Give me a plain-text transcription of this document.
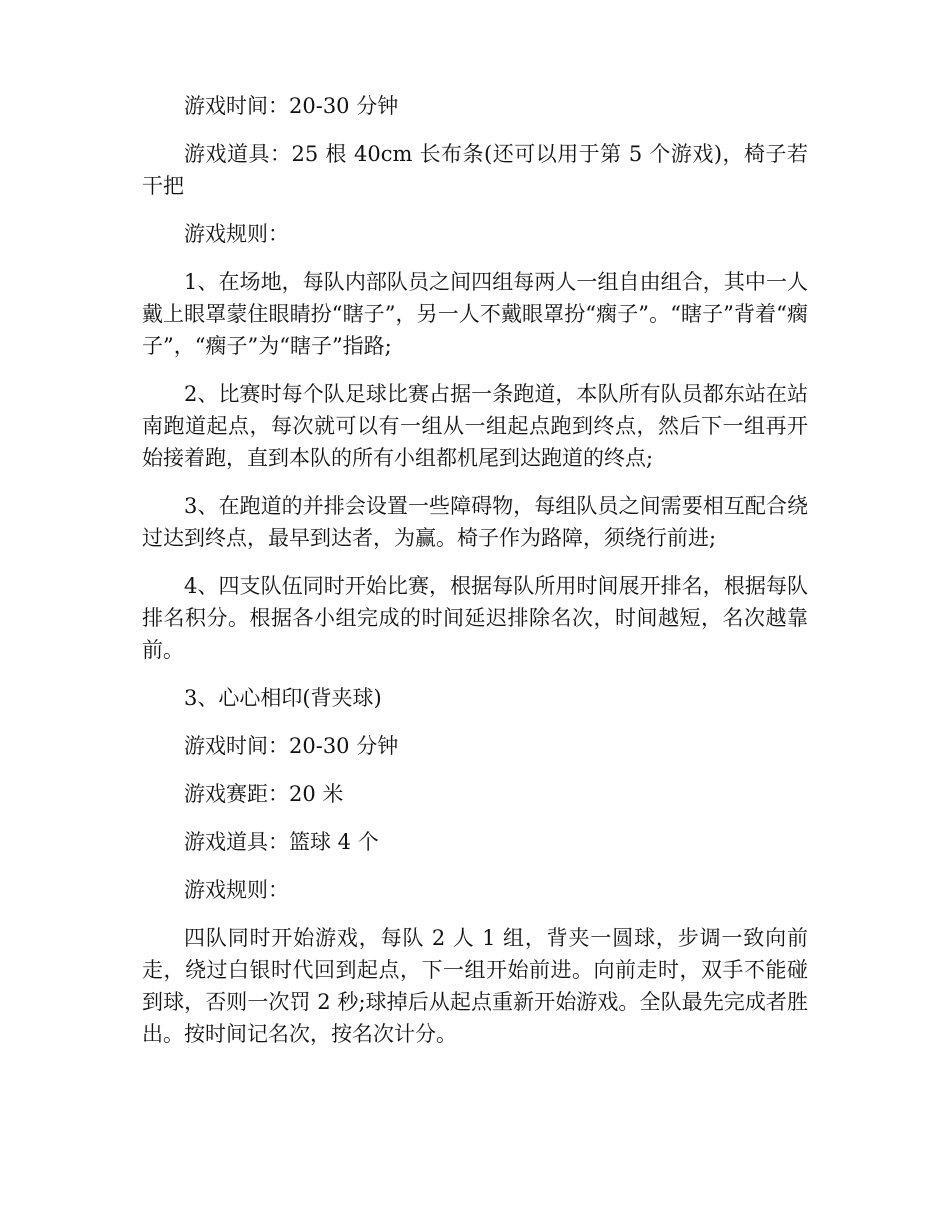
游戏时间：20-30 分钟

游戏道具：25 根 40cm 长布条(还可以用于第 5 个游戏)，椅子若干把

游戏规则：

1、在场地，每队内部队员之间四组每两人一组自由组合，其中一人戴上眼罩蒙住眼睛扮“瞎子”，另一人不戴眼罩扮“瘸子”。“瞎子”背着“瘸子”，“瘸子”为“瞎子”指路;

2、比赛时每个队足球比赛占据一条跑道，本队所有队员都东站在站南跑道起点，每次就可以有一组从一组起点跑到终点，然后下一组再开始接着跑，直到本队的所有小组都机尾到达跑道的终点;

3、在跑道的并排会设置一些障碍物，每组队员之间需要相互配合绕过达到终点，最早到达者，为赢。椅子作为路障，须绕行前进;

4、四支队伍同时开始比赛，根据每队所用时间展开排名，根据每队排名积分。根据各小组完成的时间延迟排除名次，时间越短，名次越靠前。

3、心心相印(背夹球)

游戏时间：20-30 分钟

游戏赛距：20 米

游戏道具：篮球 4 个

游戏规则：

四队同时开始游戏，每队 2 人 1 组，背夹一圆球，步调一致向前走，绕过白银时代回到起点，下一组开始前进。向前走时，双手不能碰到球，否则一次罚 2 秒;球掉后从起点重新开始游戏。全队最先完成者胜出。按时间记名次，按名次计分。
